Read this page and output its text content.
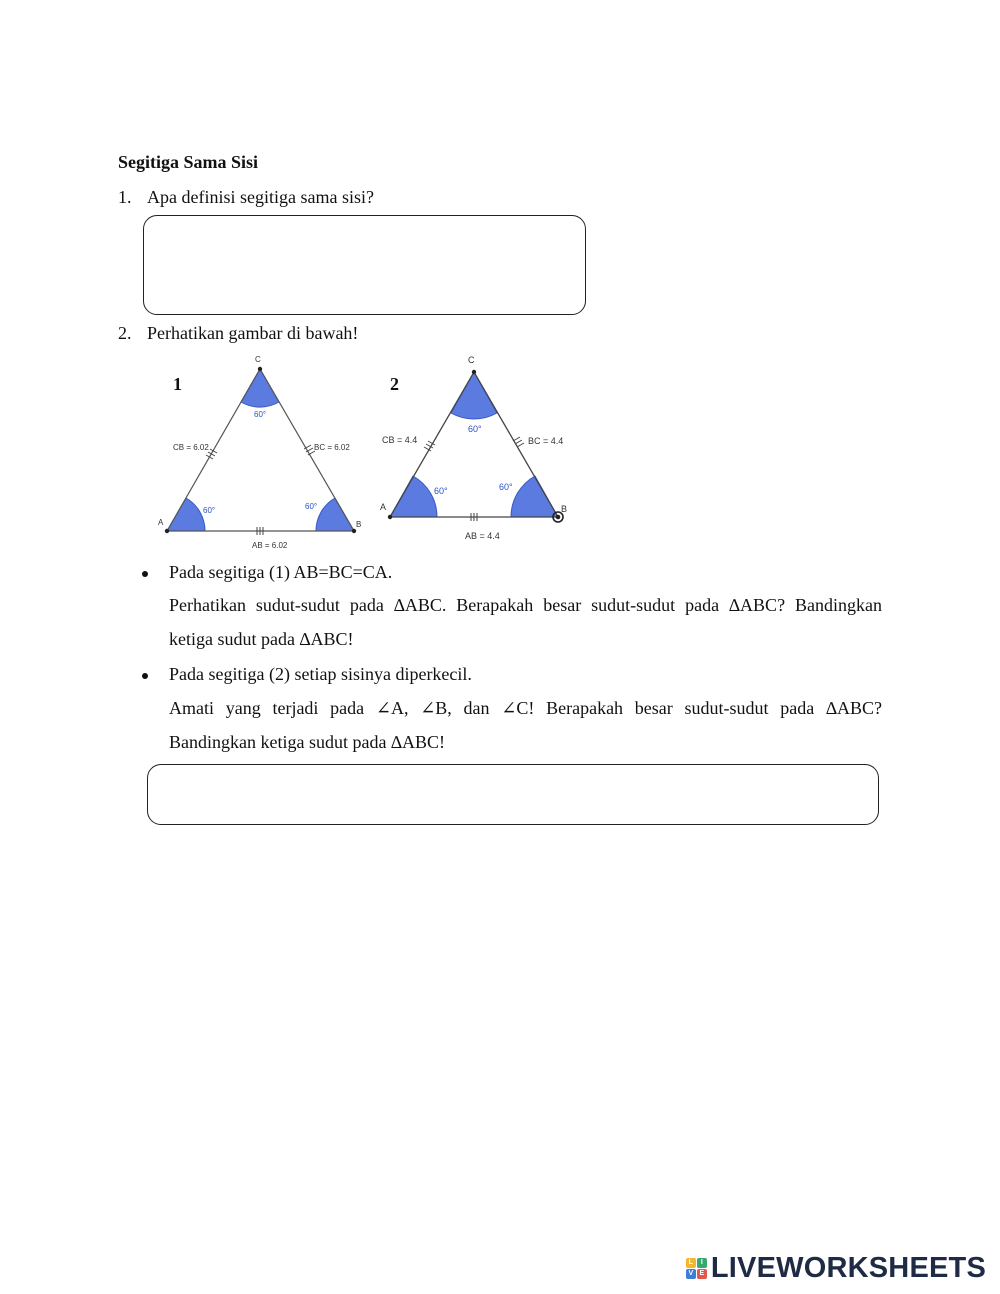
Segitiga Sama Sisi
1. Apa definisi segitiga sama sisi?
2. Perhatikan gambar di bawah!
1	2
A	B
C
60°
60°	60°
CB = 6.02	BC = 6.02
AB = 6.02
A	B
C
60°
60°	60°
CB = 4.4	BC = 4.4
AB = 4.4
Pada segitiga (1) AB=BC=CA.
Perhatikan sudut-sudut pada ∆ABC. Berapakah besar sudut-sudut pada ∆ABC? Bandingkan
ketiga sudut pada ∆ABC!
Pada segitiga (2) setiap sisinya diperkecil.
Amati yang terjadi pada ∠A, ∠B, dan ∠C! Berapakah besar sudut-sudut pada ∆ABC?
Bandingkan ketiga sudut pada ∆ABC!
L	I
V E LIVEWORKSHEETS
